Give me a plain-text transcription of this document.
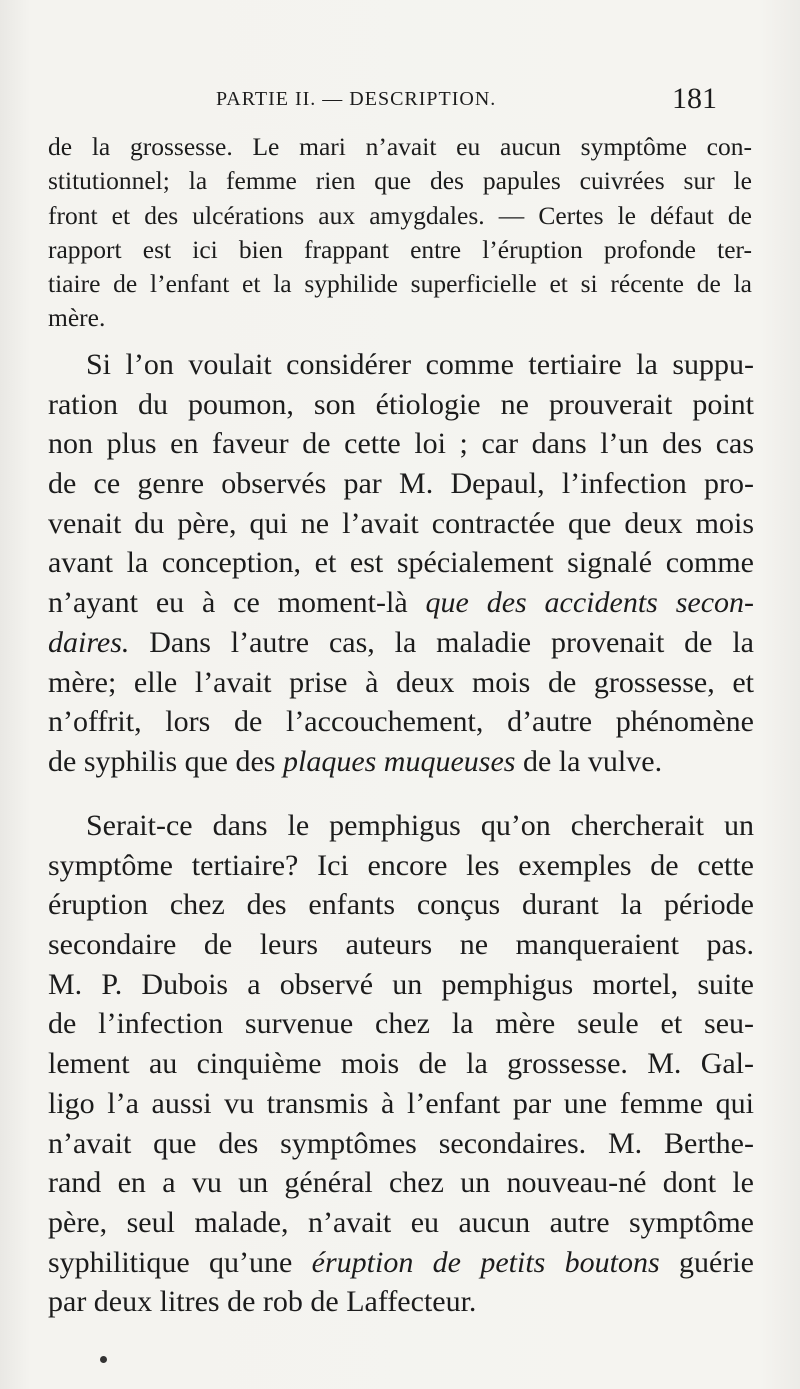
PARTIE II. — DESCRIPTION.	181
de la grossesse. Le mari n’avait eu aucun symptôme con-
stitutionnel; la femme rien que des papules cuivrées sur le
front et des ulcérations aux amygdales. — Certes le défaut de
rapport est ici bien frappant entre l’éruption profonde ter-
tiaire de l’enfant et la syphilide superficielle et si récente de la
mère.
Si l’on voulait considérer comme tertiaire la suppu-
ration du poumon, son étiologie ne prouverait point
non plus en faveur de cette loi ; car dans l’un des cas
de ce genre observés par M. Depaul, l’infection pro-
venait du père, qui ne l’avait contractée que deux mois
avant la conception, et est spécialement signalé comme
n’ayant eu à ce moment-là que des accidents secon-
daires. Dans l’autre cas, la maladie provenait de la
mère; elle l’avait prise à deux mois de grossesse, et
n’offrit, lors de l’accouchement, d’autre phénomène
de syphilis que des plaques muqueuses de la vulve.
Serait-ce dans le pemphigus qu’on chercherait un
symptôme tertiaire? Ici encore les exemples de cette
éruption chez des enfants conçus durant la période
secondaire de leurs auteurs ne manqueraient pas.
M. P. Dubois a observé un pemphigus mortel, suite
de l’infection survenue chez la mère seule et seu-
lement au cinquième mois de la grossesse. M. Gal-
ligo l’a aussi vu transmis à l’enfant par une femme qui
n’avait que des symptômes secondaires. M. Berthe-
rand en a vu un général chez un nouveau-né dont le
père, seul malade, n’avait eu aucun autre symptôme
syphilitique qu’une éruption de petits boutons guérie
par deux litres de rob de Laffecteur.
